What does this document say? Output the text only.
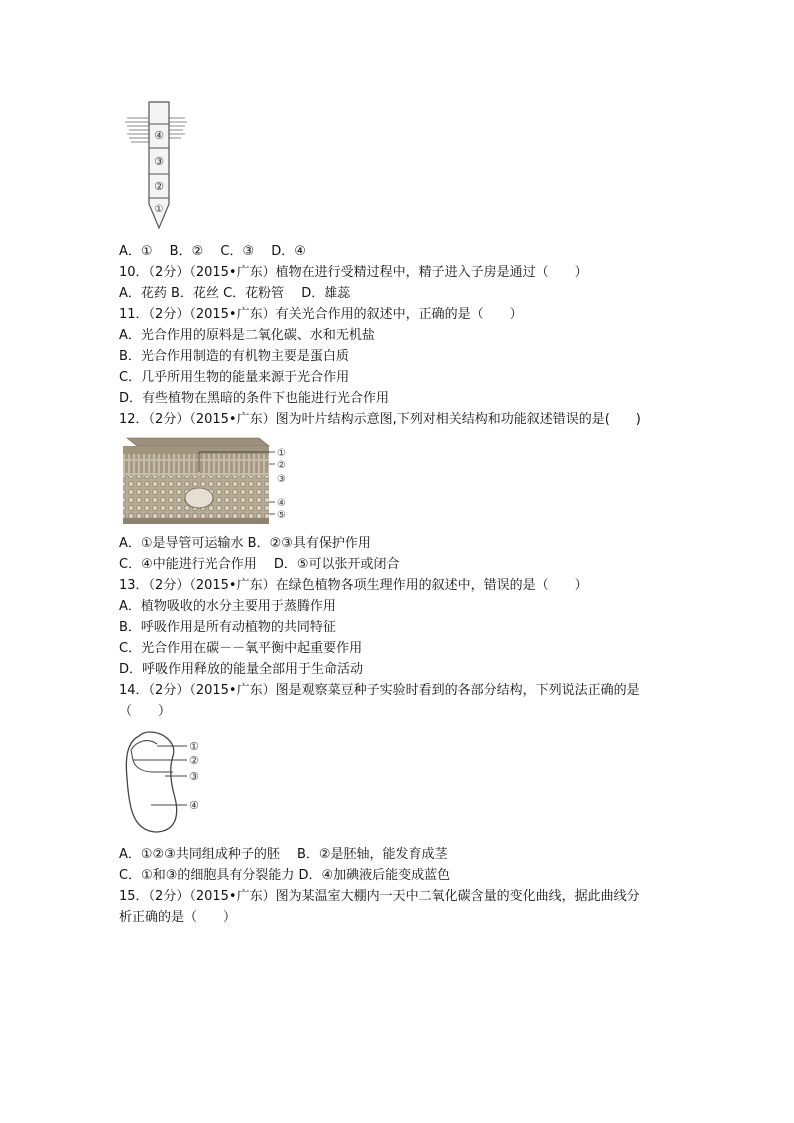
④
③
②
①
A．①　 B．②　 C．③　 D．④
10．（2分）（2015•广东）植物在进行受精过程中，精子进入子房是通过（　　）
A．花药 B．花丝 C．花粉管　 D．雄蕊
11．（2分）（2015•广东）有关光合作用的叙述中，正确的是（　　）
A．光合作用的原料是二氧化碳、水和无机盐
B．光合作用制造的有机物主要是蛋白质
C．几乎所用生物的能量来源于光合作用
D．有些植物在黑暗的条件下也能进行光合作用
12．（2分）（2015•广东）图为叶片结构示意图,下列对相关结构和功能叙述错误的是(　　)
①
②
③
④
⑤
A．①是导管可运输水 B．②③具有保护作用
C．④中能进行光合作用　 D．⑤可以张开或闭合
13．（2分）（2015•广东）在绿色植物各项生理作用的叙述中，错误的是（　　）
A．植物吸收的水分主要用于蒸腾作用
B．呼吸作用是所有动植物的共同特征
C．光合作用在碳－－氧平衡中起重要作用
D．呼吸作用释放的能量全部用于生命活动
14．（2分）（2015•广东）图是观察菜豆种子实验时看到的各部分结构，下列说法正确的是
（　　）
①
②
③
④
A．①②③共同组成种子的胚　 B．②是胚轴，能发育成茎
C．①和③的细胞具有分裂能力 D．④加碘液后能变成蓝色
15．（2分）（2015•广东）图为某温室大棚内一天中二氧化碳含量的变化曲线，据此曲线分
析正确的是（　　）
